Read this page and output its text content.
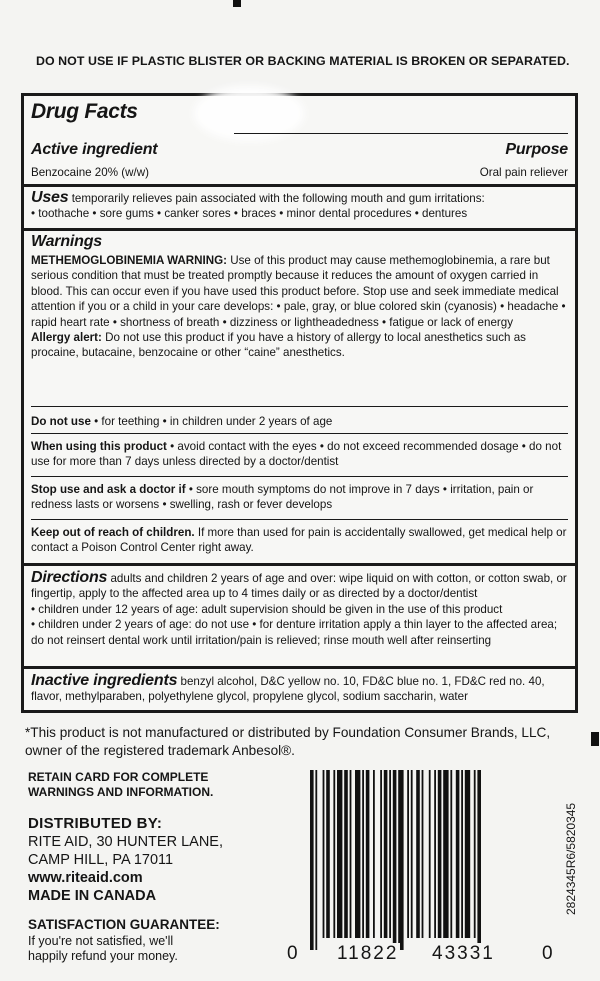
DO NOT USE IF PLASTIC BLISTER OR BACKING MATERIAL IS BROKEN OR SEPARATED.
Drug Facts
Active ingredient	Purpose
Benzocaine 20% (w/w)	Oral pain reliever
Uses temporarily relieves pain associated with the following mouth and gum irritations:
• toothache • sore gums • canker sores • braces • minor dental procedures • dentures
Warnings
METHEMOGLOBINEMIA WARNING: Use of this product may cause methemoglobinemia, a rare but serious condition that must be treated promptly because it reduces the amount of oxygen carried in blood. This can occur even if you have used this product before. Stop use and seek immediate medical attention if you or a child in your care develops: • pale, gray, or blue colored skin (cyanosis) • headache • rapid heart rate • shortness of breath • dizziness or lightheadedness • fatigue or lack of energy
Allergy alert: Do not use this product if you have a history of allergy to local anesthetics such as procaine, butacaine, benzocaine or other “caine” anesthetics.
Do not use • for teething • in children under 2 years of age
When using this product • avoid contact with the eyes • do not exceed recommended dosage • do not use for more than 7 days unless directed by a doctor/dentist
Stop use and ask a doctor if • sore mouth symptoms do not improve in 7 days • irritation, pain or redness lasts or worsens • swelling, rash or fever develops
Keep out of reach of children. If more than used for pain is accidentally swallowed, get medical help or contact a Poison Control Center right away.
Directions adults and children 2 years of age and over: wipe liquid on with cotton, or cotton swab, or fingertip, apply to the affected area up to 4 times daily or as directed by a doctor/dentist
• children under 12 years of age: adult supervision should be given in the use of this product
• children under 2 years of age: do not use • for denture irritation apply a thin layer to the affected area; do not reinsert dental work until irritation/pain is relieved; rinse mouth well after reinserting
Inactive ingredients benzyl alcohol, D&C yellow no. 10, FD&C blue no. 1, FD&C red no. 40, flavor, methylparaben, polyethylene glycol, propylene glycol, sodium saccharin, water
*This product is not manufactured or distributed by Foundation Consumer Brands, LLC, owner of the registered trademark Anbesol®.
RETAIN CARD FOR COMPLETE
WARNINGS AND INFORMATION.
DISTRIBUTED BY:
RITE AID, 30 HUNTER LANE,
CAMP HILL, PA 17011
www.riteaid.com
MADE IN CANADA
SATISFACTION GUARANTEE:
If you're not satisfied, we'll
happily refund your money.	0 11822 43331 0
2824345R6/5820345
